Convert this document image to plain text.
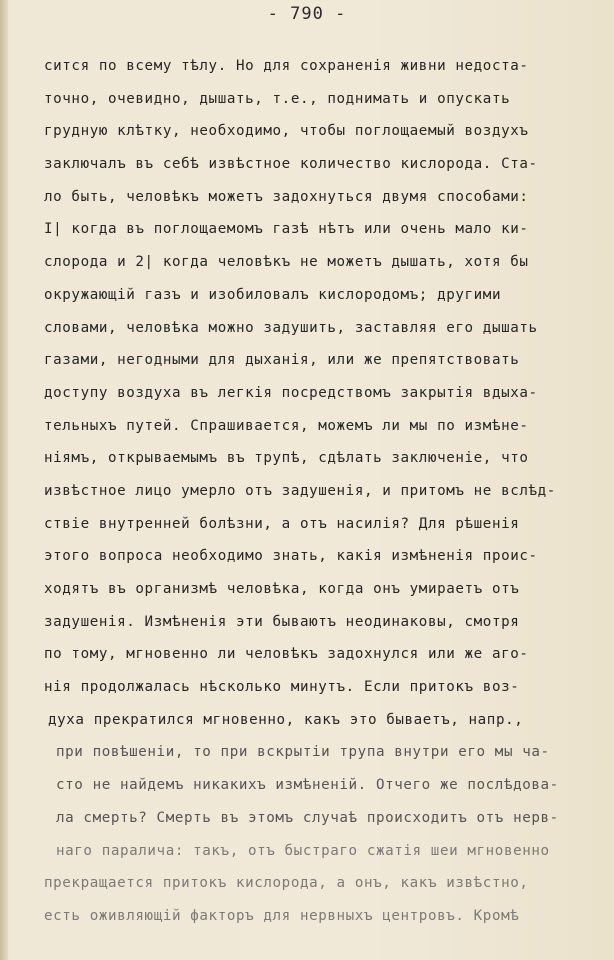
- 790 -
сится по всему тѣлу. Но для сохраненія живни недоста-
точно, очевидно, дышать, т.е., поднимать и опускать
грудную клѣтку, необходимо, чтобы поглощаемый воздухъ
заключалъ въ себѣ извѣстное количество кислорода. Ста-
ло быть, человѣкъ можетъ задохнуться двумя способами:
I| когда въ поглощаемомъ газѣ нѣтъ или очень мало ки-
слорода и 2| когда человѣкъ не можетъ дышать, хотя бы
окружающій газъ и изобиловалъ кислородомъ; другими
словами, человѣка можно задушить, заставляя его дышать
газами, негодными для дыханія, или же препятствовать
доступу воздуха въ легкія посредствомъ закрытія вдыха-
тельныхъ путей. Спрашивается, можемъ ли мы по измѣне-
ніямъ, открываемымъ въ трупѣ, сдѣлать заключеніе, что
извѣстное лицо умерло отъ задушенія, и притомъ не вслѣд-
ствіе внутренней болѣзни, а отъ насилія? Для рѣшенія
этого вопроса необходимо знать, какія измѣненія проис-
ходятъ въ организмѣ человѣка, когда онъ умираетъ отъ
задушенія. Измѣненія эти бываютъ неодинаковы, смотря
по тому, мгновенно ли человѣкъ задохнулся или же аго-
нія продолжалась нѣсколько минутъ. Если притокъ воз-
духа прекратился мгновенно, какъ это бываетъ, напр.,
при повѣшеніи, то при вскрытіи трупа внутри его мы ча-
сто не найдемъ никакихъ измѣненій. Отчего же послѣдова-
ла смерть? Смерть въ этомъ случаѣ происходитъ отъ нерв-
наго паралича: такъ, отъ быстраго сжатія шеи мгновенно
прекращается притокъ кислорода, а онъ, какъ извѣстно,
есть оживляющій факторъ для нервныхъ центровъ. Кромѣ
